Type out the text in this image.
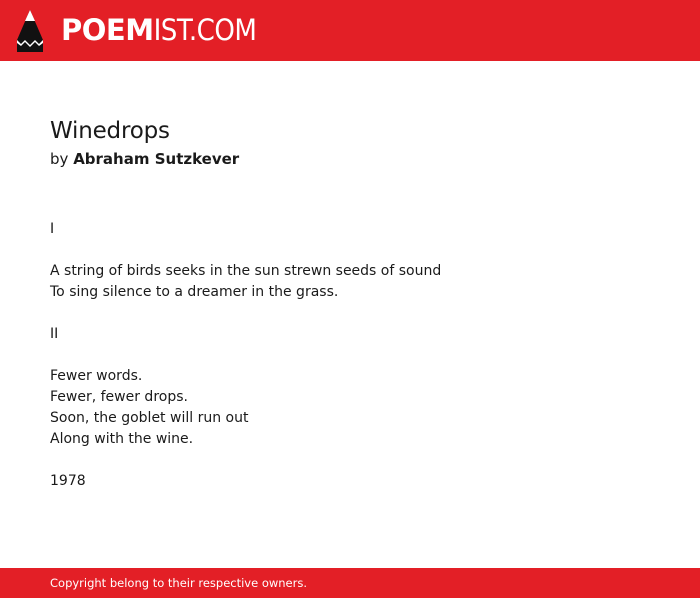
POEMIST.COM
Winedrops
by Abraham Sutzkever
I
A string of birds seeks in the sun strewn seeds of sound
To sing silence to a dreamer in the grass.
II
Fewer words.
Fewer, fewer drops.
Soon, the goblet will run out
Along with the wine.
1978
Copyright belong to their respective owners.
